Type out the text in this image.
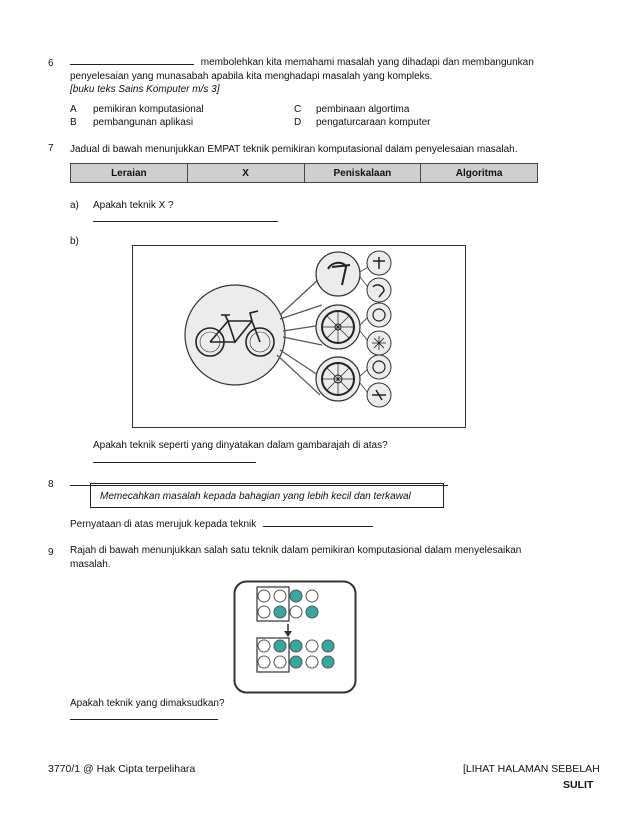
6	membolehkan kita memahami masalah yang dihadapi dan membangunkan
penyelesaian yang munasabah apabila kita menghadapi masalah yang kompleks.
[buku teks Sains Komputer m/s 3]
A pemikiran komputasional
B pembangunan aplikasi
C pembinaan algortima
D pengaturcaraan komputer
7 Jadual di bawah menunjukkan EMPAT teknik pemikiran komputasional dalam penyelesaian masalah.
Leraian	X	Peniskalaan	Algoritma
a) Apakah teknik X ?
b)
Apakah teknik seperti yang dinyatakan dalam gambarajah di atas?
8
Memecahkan masalah kepada bahagian yang lebih kecil dan terkawal
Pernyataan di atas merujuk kepada teknik
9 Rajah di bawah menunjukkan salah satu teknik dalam pemikiran komputasional dalam menyelesaikan
masalah.
Apakah teknik yang dimaksudkan?
3770/1 @ Hak Cipta terpelihara	[LIHAT HALAMAN SEBELAH
SULIT
